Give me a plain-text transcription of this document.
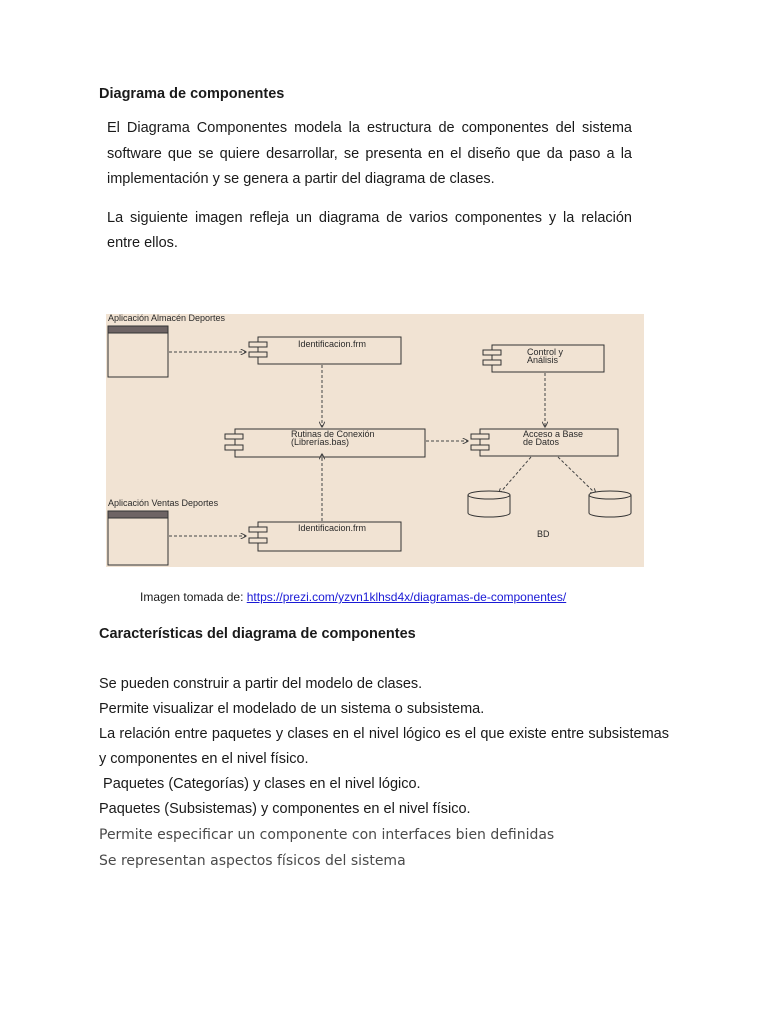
Diagrama de componentes

El Diagrama Componentes modela la estructura de componentes del sistema software que se quiere desarrollar, se presenta en el diseño que da paso a la implementación y se genera a partir del diagrama de clases.

La siguiente imagen refleja un diagrama de varios componentes y la relación entre ellos.

Aplicación Almacén Deportes
Identificacion.frm
Control y
Análisis
Rutinas de Conexión
(Librerías.bas)
Acceso a Base
de Datos
BD
Aplicación Ventas Deportes
Identificacion.frm
Imagen tomada de: https://prezi.com/yzvn1klhsd4x/diagramas-de-componentes/
Características del diagrama de componentes

Se pueden construir a partir del modelo de clases.

Permite visualizar el modelado de un sistema o subsistema.

La relación entre paquetes y clases en el nivel lógico es el que existe entre subsistemas y componentes en el nivel físico.

Paquetes (Categorías) y clases en el nivel lógico.

Paquetes (Subsistemas) y componentes en el nivel físico.

Permite especificar un componente con interfaces bien definidas

Se representan aspectos físicos del sistema
